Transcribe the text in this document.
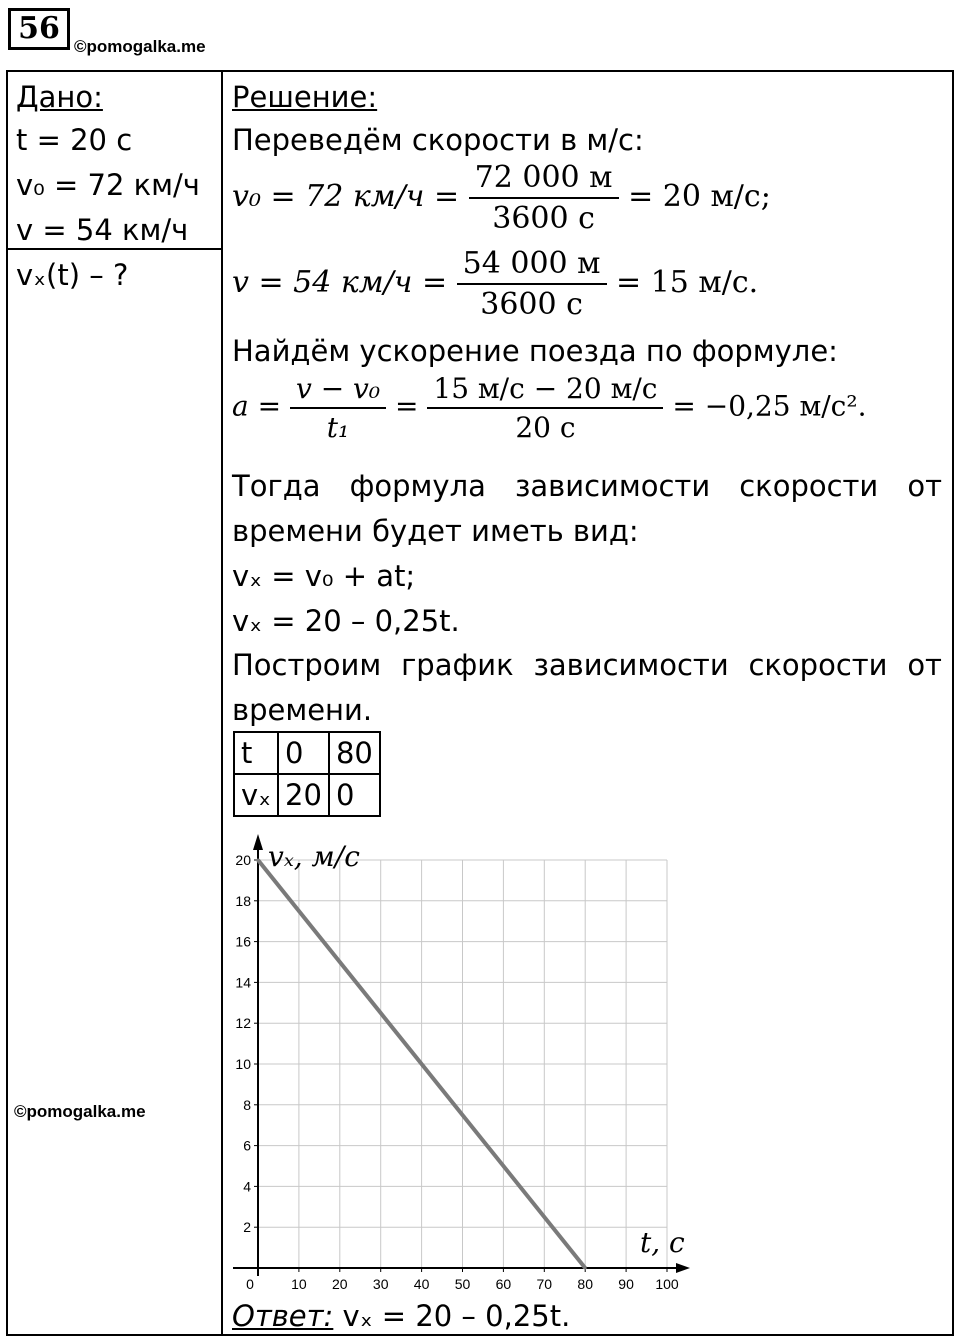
56
©pomogalka.me
Дано:
t = 20 с
v₀ = 72 км/ч
v = 54 км/ч
vₓ(t) – ?
©pomogalka.me
Решение:
Переведём скорости в м/с:
v₀ = 72 $км/ч = \frac{72 000 м}{3600 с} = 20$ м/с;
v = 54 $км/ч = \frac{54 000 м}{3600 с} = 15$ м/с.
Найдём ускорение поезда по формуле:
$a = \frac{\text{v − v₀}}{\text{t₁}} = \frac{15 м/с - 20 м/с}{20 с} = -0,25$ м/с².
Тогда формула зависимости скорости от
времени будет иметь вид:
vₓ = v₀ + at;
vₓ = 20 – 0,25t.
Построим график зависимости скорости от
времени.
t	0	80
vₓ	20	0
0	10 20 30 40 50 60 70 80 90 100
2
4
6
8
10
12
14
16
18
20 vₓ, м/с
t, с
Ответ: vₓ = 20 – 0,25t.
